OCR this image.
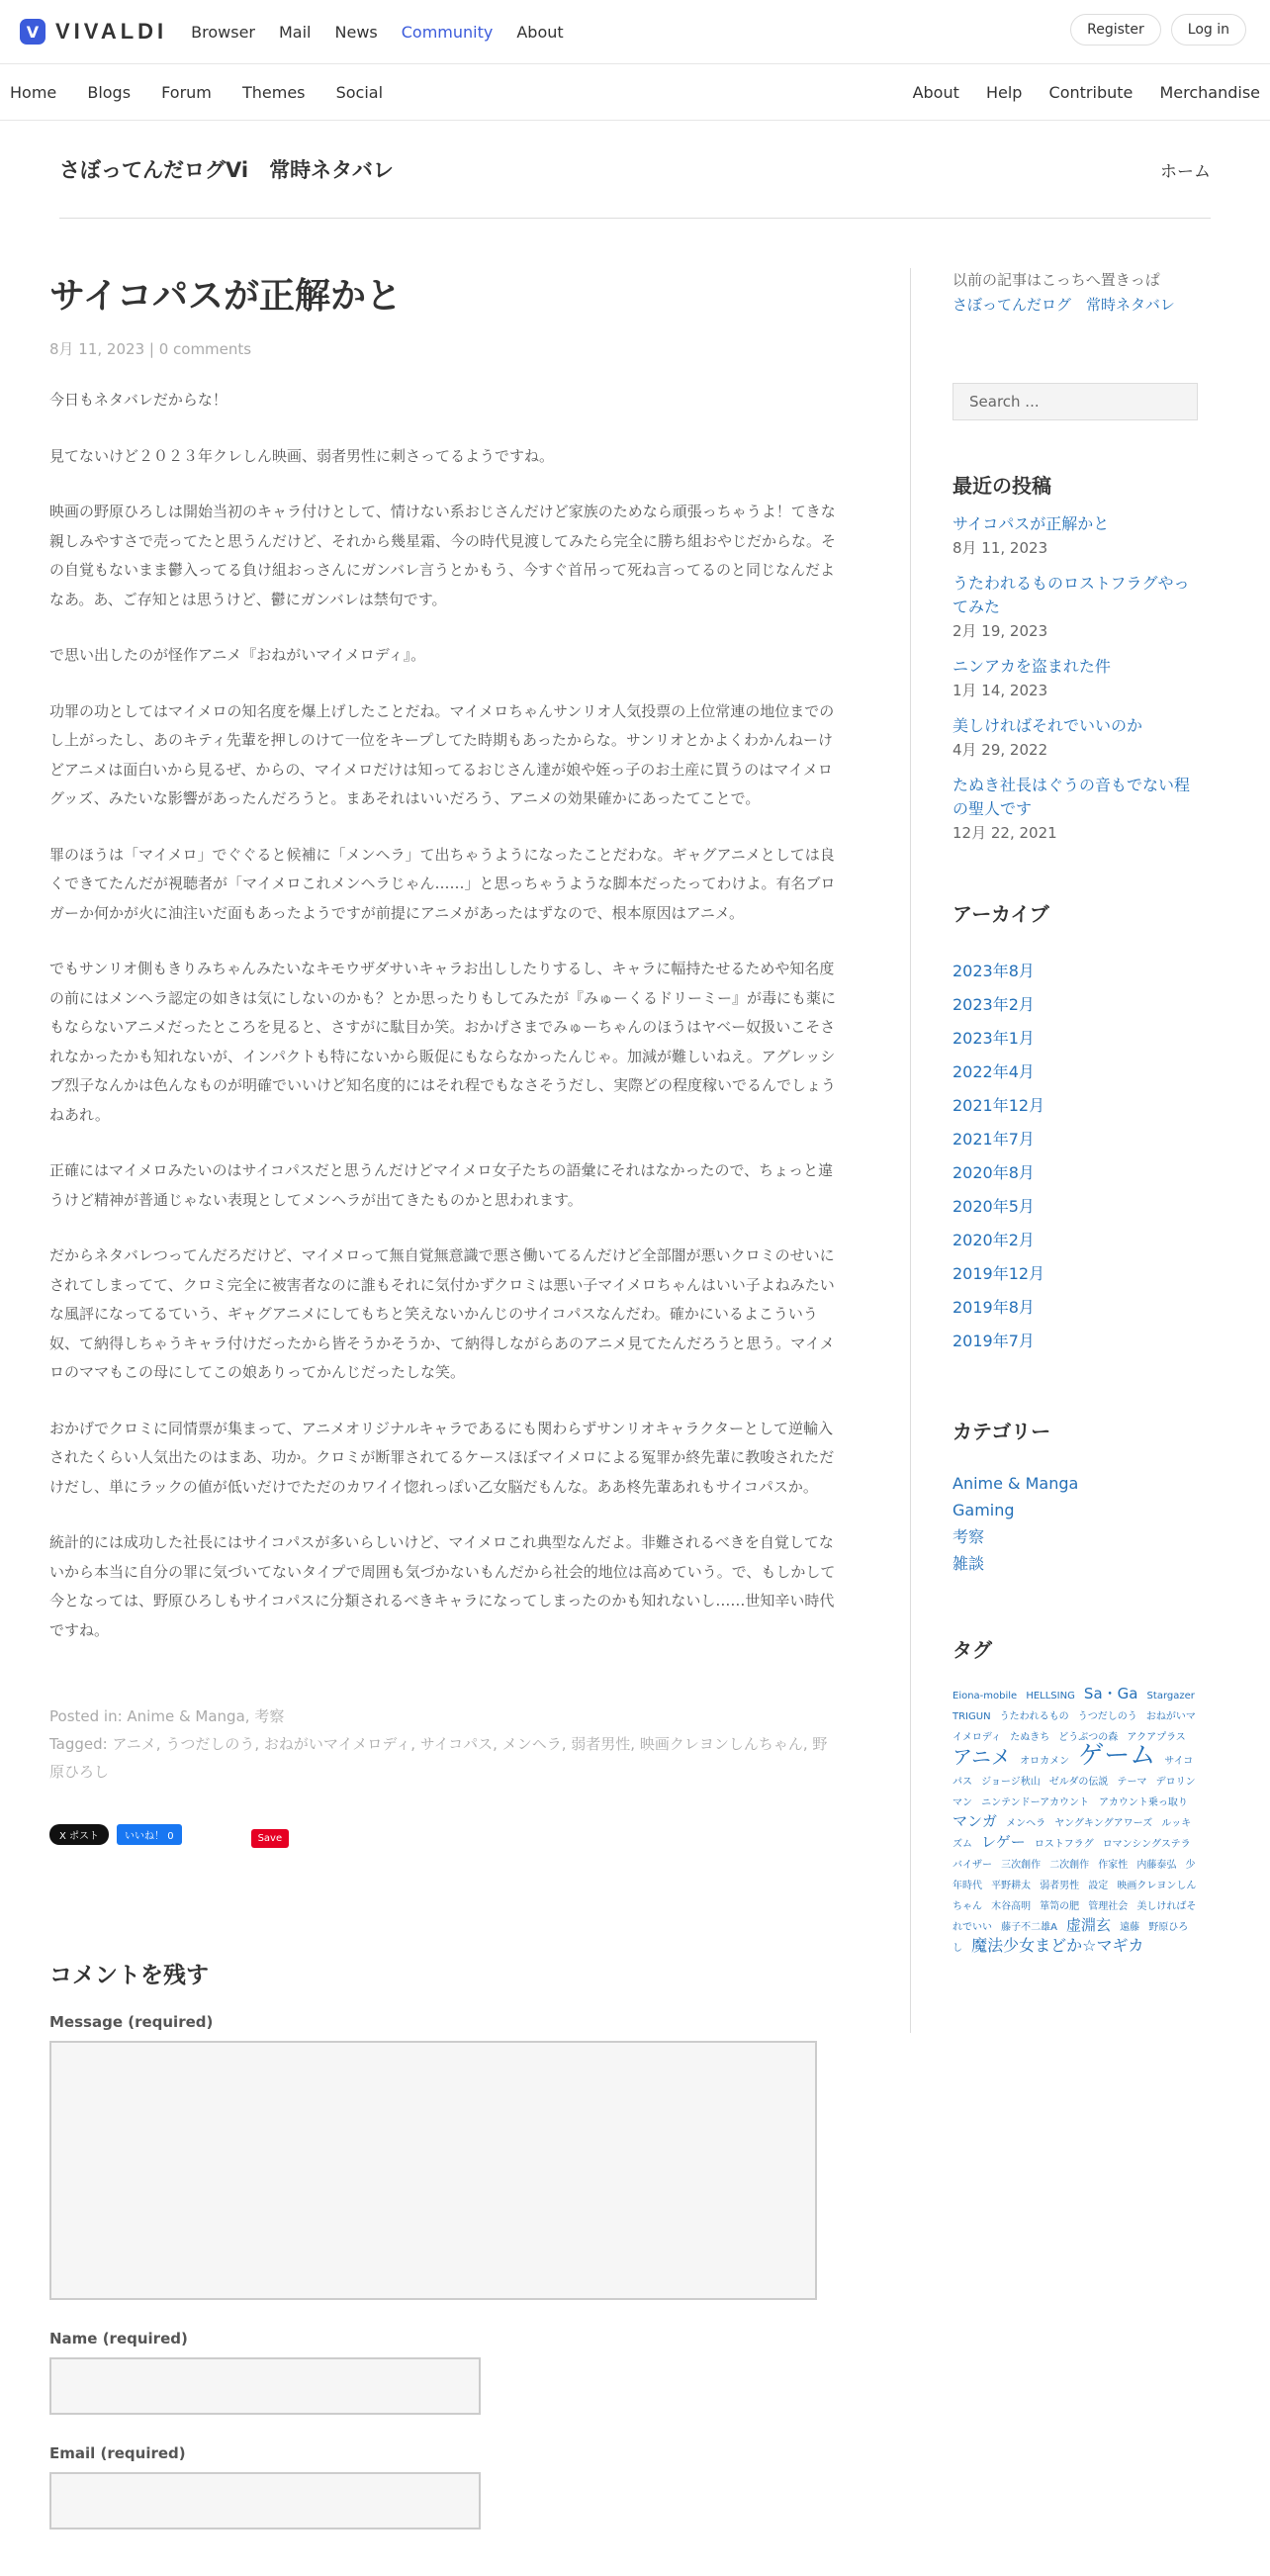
V VIVALDI Browser Mail News Community About	Register	Log in
Home Blogs Forum Themes Social	About Help Contribute Merchandise
さぼってんだログVi　常時ネタバレ	ホーム
サイコパスが正解かと
8月 11, 2023 | 0 comments

今日もネタバレだからな！

見てないけど２０２３年クレしん映画、弱者男性に刺さってるようですね。

映画の野原ひろしは開始当初のキャラ付けとして、情けない系おじさんだけど家族のためなら頑張っちゃうよ！てきな親しみやすさで売ってたと思うんだけど、それから幾星霜、今の時代見渡してみたら完全に勝ち組おやじだからな。その自覚もないまま鬱入ってる負け組おっさんにガンバレ言うとかもう、今すぐ首吊って死ね言ってるのと同じなんだよなあ。あ、ご存知とは思うけど、鬱にガンバレは禁句です。

で思い出したのが怪作アニメ『おねがいマイメロディ』。

功罪の功としてはマイメロの知名度を爆上げしたことだね。マイメロちゃんサンリオ人気投票の上位常連の地位までのし上がったし、あのキティ先輩を押しのけて一位をキープしてた時期もあったからな。サンリオとかよくわかんねーけどアニメは面白いから見るぜ、からの、マイメロだけは知ってるおじさん達が娘や姪っ子のお土産に買うのはマイメログッズ、みたいな影響があったんだろうと。まあそれはいいだろう、アニメの効果確かにあったてことで。

罪のほうは「マイメロ」でぐぐると候補に「メンヘラ」て出ちゃうようになったことだわな。ギャグアニメとしては良くできてたんだが視聴者が「マイメロこれメンヘラじゃん……」と思っちゃうような脚本だったってわけよ。有名ブロガーか何かが火に油注いだ面もあったようですが前提にアニメがあったはずなので、根本原因はアニメ。

でもサンリオ側もきりみちゃんみたいなキモウザダサいキャラお出ししたりするし、キャラに幅持たせるためや知名度の前にはメンヘラ認定の如きは気にしないのかも？とか思ったりもしてみたが『みゅーくるドリーミー』が毒にも薬にもならないアニメだったところを見ると、さすがに駄目か笑。おかげさまでみゅーちゃんのほうはヤベー奴扱いこそされなかったかも知れないが、インパクトも特にないから販促にもならなかったんじゃ。加減が難しいねえ。アグレッシブ烈子なんかは色んなものが明確でいいけど知名度的にはそれ程でもなさそうだし、実際どの程度稼いでるんでしょうねあれ。

正確にはマイメロみたいのはサイコパスだと思うんだけどマイメロ女子たちの語彙にそれはなかったので、ちょっと違うけど精神が普通じゃない表現としてメンヘラが出てきたものかと思われます。

だからネタバレつってんだろだけど、マイメロって無自覚無意識で悪さ働いてるんだけど全部闇が悪いクロミのせいにされてしまってて、クロミ完全に被害者なのに誰もそれに気付かずクロミは悪い子マイメロちゃんはいい子よねみたいな風評になってるていう、ギャグアニメにしてもちと笑えないかんじのサイコパスなんだわ。確かにいるよこういう奴、て納得しちゃうキャラ付けだったから皆そうかそうか、て納得しながらあのアニメ見てたんだろうと思う。マイメロのママもこの母にしてこの娘ありってかんじだったしな笑。

おかげでクロミに同情票が集まって、アニメオリジナルキャラであるにも関わらずサンリオキャラクターとして逆輸入されたくらい人気出たのはまあ、功か。クロミが断罪されてるケースほぼマイメロによる冤罪か終先輩に教唆されただけだし、単にラックの値が低いだけでただのカワイイ惚れっぽい乙女脳だもんな。ああ柊先輩あれもサイコパスか。

統計的には成功した社長にはサイコパスが多いらしいけど、マイメロこれ典型なんだよ。非難されるべきを自覚してないから本当に自分の罪に気づいてないタイプで周囲も気づかないもんだから社会的地位は高めていう。で、もしかして今となっては、野原ひろしもサイコパスに分類されるべきキャラになってしまったのかも知れないし……世知辛い時代ですね。

Posted in: Anime & Manga, 考察
Tagged: アニメ, うつだしのう, おねがいマイメロディ, サイコパス, メンヘラ, 弱者男性, 映画クレヨンしんちゃん, 野原ひろし
X ポスト	いいね！ 0	Save
コメントを残す
Message (required)
Name (required)
Email (required)
以前の記事はこっちへ置きっぱ
さぼってんだログ　常時ネタバレ
Search ...
最近の投稿
サイコパスが正解かと
8月 11, 2023
うたわれるものロストフラグやってみた
2月 19, 2023
ニンアカを盗まれた件
1月 14, 2023
美しければそれでいいのか
4月 29, 2022
たぬき社長はぐうの音もでない程の聖人です
12月 22, 2021
アーカイブ
2023年8月
2023年2月
2023年1月
2022年4月
2021年12月
2021年7月
2020年8月
2020年5月
2020年2月
2019年12月
2019年8月
2019年7月
カテゴリー
Anime & Manga
Gaming
考察
雑談
タグ
Eiona-mobile HELLSING Sa・Ga Stargazer TRIGUN うたわれるもの うつだしのう おねがいマイメロディ たぬきち どうぶつの森 アクアプラス アニメ オロカメン ゲーム サイコパス ジョージ秋山 ゼルダの伝説 テーマ デロリンマン ニンテンドーアカウント　アカウント乗っ取り マンガ メンヘラ ヤングキングアワーズ ルッキズム レゲー ロストフラグ ロマンシングステラバイザー 三次創作 二次創作 作家性 内藤泰弘 少年時代 平野耕太 弱者男性 設定 映画クレヨンしんちゃん 木谷高明 箪笥の肥 管理社会 美しければそれでいい 藤子不二雄A 虚淵玄 遠藤 野原ひろし 魔法少女まどか☆マギカ
